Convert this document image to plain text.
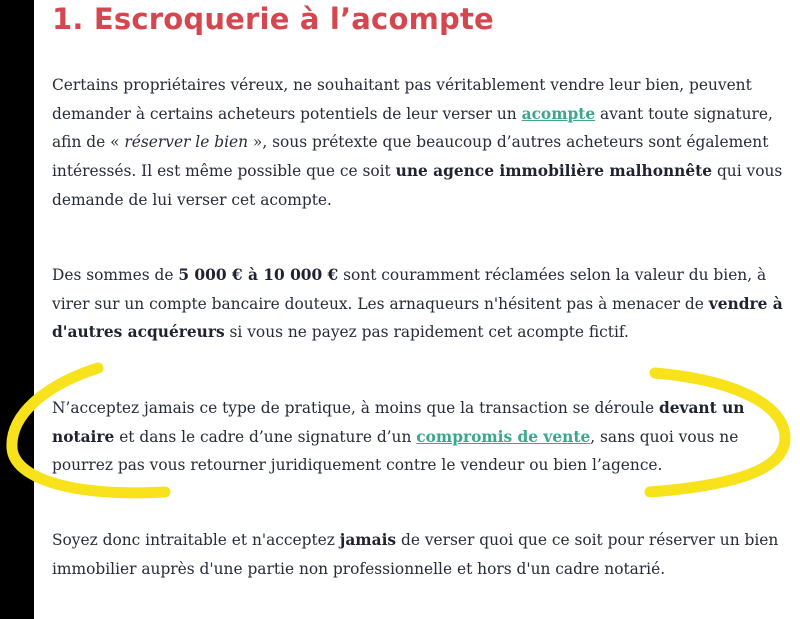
1. Escroquerie à l’acompte

Certains propriétaires véreux, ne souhaitant pas véritablement vendre leur bien, peuvent demander à certains acheteurs potentiels de leur verser un acompte avant toute signature, afin de « réserver le bien », sous prétexte que beaucoup d’autres acheteurs sont également intéressés. Il est même possible que ce soit une agence immobilière malhonnête qui vous demande de lui verser cet acompte.

Des sommes de 5 000 € à 10 000 € sont couramment réclamées selon la valeur du bien, à virer sur un compte bancaire douteux. Les arnaqueurs n'hésitent pas à menacer de vendre à d'autres acquéreurs si vous ne payez pas rapidement cet acompte fictif.

N’acceptez jamais ce type de pratique, à moins que la transaction se déroule devant un notaire et dans le cadre d’une signature d’un compromis de vente, sans quoi vous ne pourrez pas vous retourner juridiquement contre le vendeur ou bien l’agence.

Soyez donc intraitable et n'acceptez jamais de verser quoi que ce soit pour réserver un bien immobilier auprès d'une partie non professionnelle et hors d'un cadre notarié.
